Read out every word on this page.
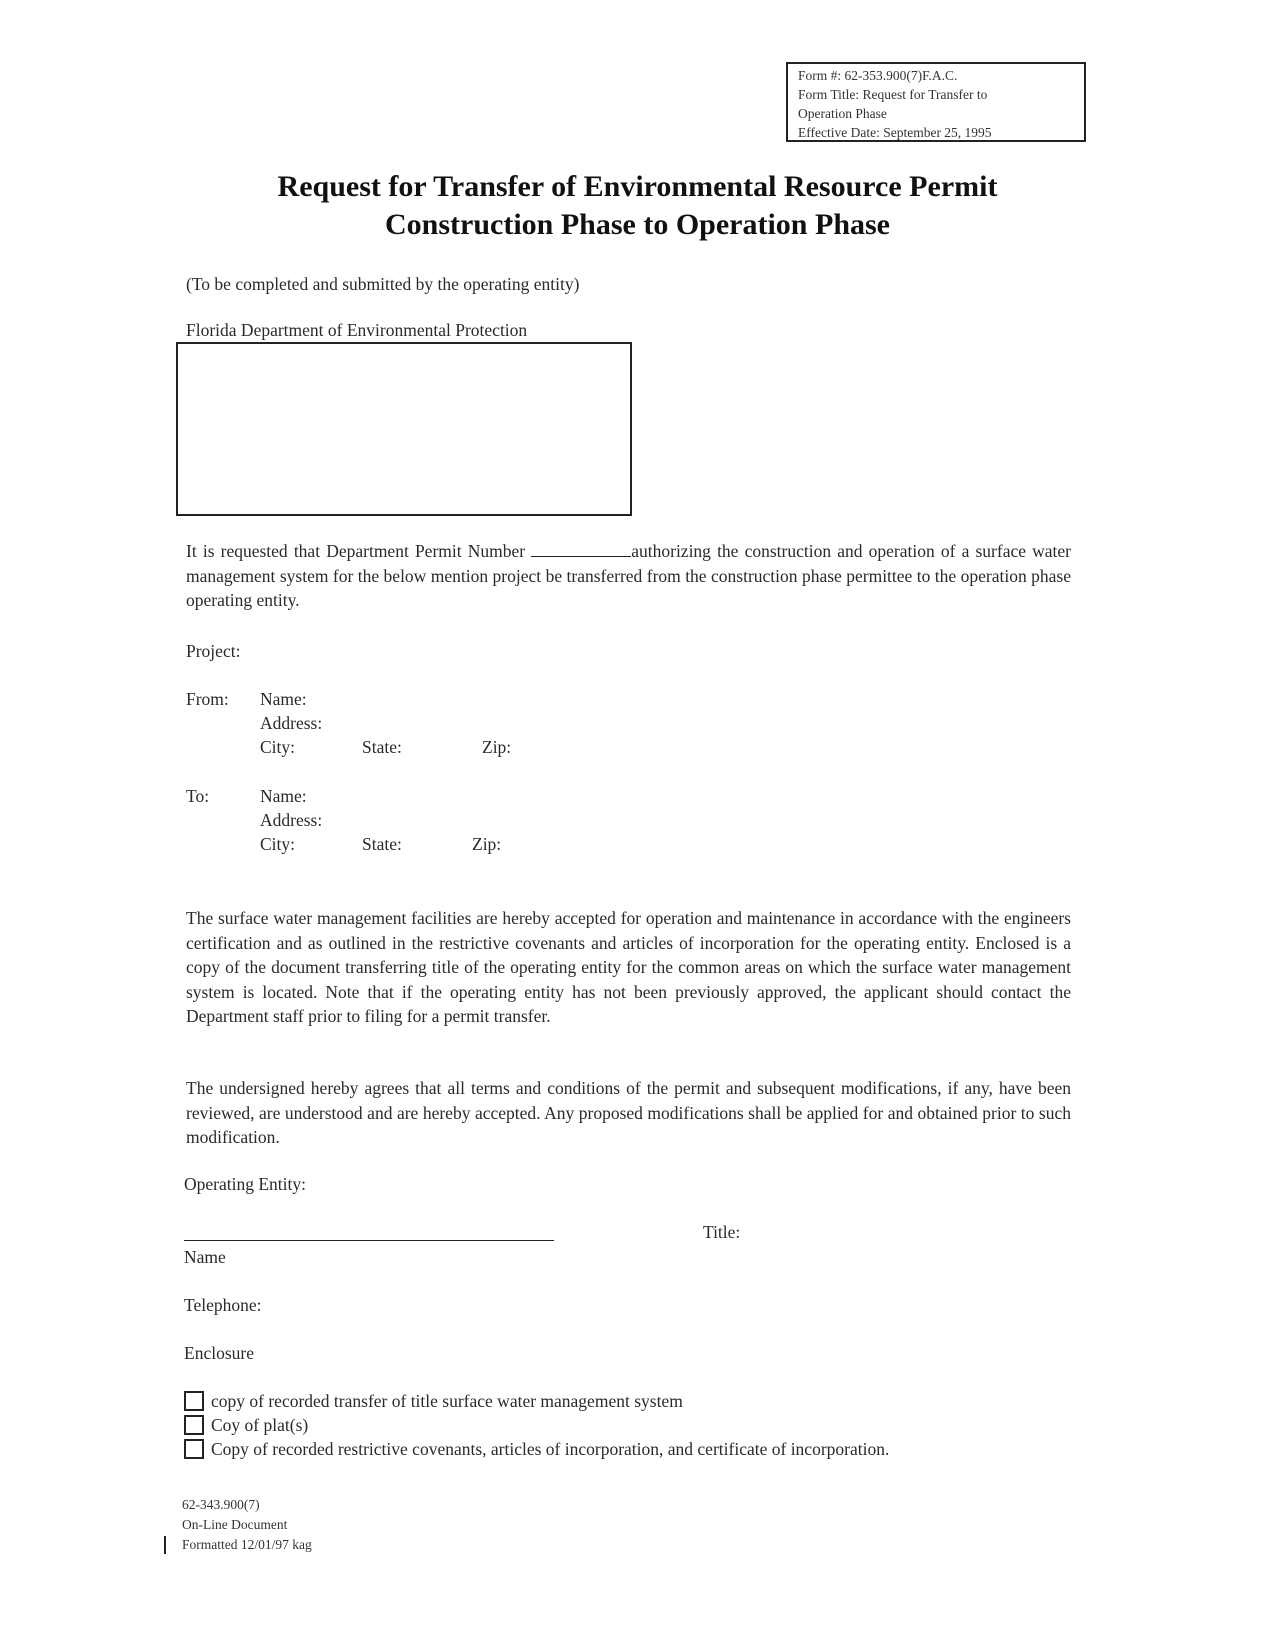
Form #: 62-353.900(7)F.A.C.
Form Title: Request for Transfer to
Operation Phase
Effective Date: September 25, 1995
Request for Transfer of Environmental Resource Permit
Construction Phase to Operation Phase
(To be completed and submitted by the operating entity)
Florida Department of Environmental Protection
It is requested that Department Permit Number	authorizing the construction and operation of a surface water management system for the below mention project be transferred from the construction phase permittee to the operation phase operating entity.
Project:
From: Name:
Address:
City:	State:	Zip:
To:	Name:
Address:
City:	State:	Zip:
The surface water management facilities are hereby accepted for operation and maintenance in accordance with the engineers certification and as outlined in the restrictive covenants and articles of incorporation for the operating entity. Enclosed is a copy of the document transferring title of the operating entity for the common areas on which the surface water management system is located. Note that if the operating entity has not been previously approved, the applicant should contact the Department staff prior to filing for a permit transfer.
The undersigned hereby agrees that all terms and conditions of the permit and subsequent modifications, if any, have been reviewed, are understood and are hereby accepted. Any proposed modifications shall be applied for and obtained prior to such modification.
Operating Entity:
Title:
Name
Telephone:
Enclosure
copy of recorded transfer of title surface water management system
Coy of plat(s)
Copy of recorded restrictive covenants, articles of incorporation, and certificate of incorporation.
62-343.900(7)
On-Line Document
Formatted 12/01/97 kag
